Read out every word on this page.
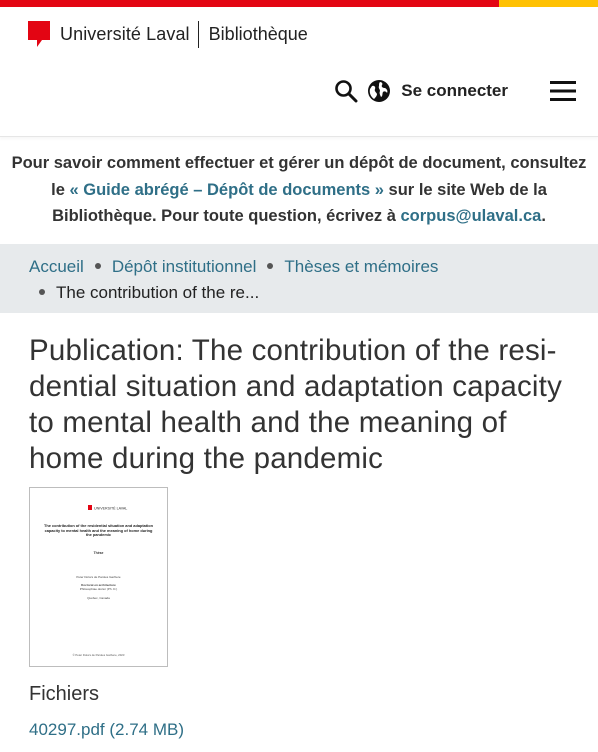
Université Laval Bibliothèque
Se connecter
Pour savoir comment effectuer et gérer un dépôt de document, consultez le « Guide abrégé – Dépôt de documents » sur le site Web de la Bibliothèque. Pour toute question, écrivez à corpus@ulaval.ca.
Accueil Dépôt institutionnel Thèses et mémoires
The contribution of the re...
Publication: The contribution of the residential situation and adaptation capacity to mental health and the meaning of home during the pandemic
UNIVERSITÉ LAVAL
The contribution of the residential situation and adaptation capacity to mental health and the meaning of home during the pandemic
Thèse
Peter Dolors de Paroles Gazbere
Doctorat en architecture
Philosophiae doctor (Ph. D.)
Québec, Canada
© Peter Dolors de Paroles Gazbere, 2023
Fichiers
40297.pdf (2.74 MB)
